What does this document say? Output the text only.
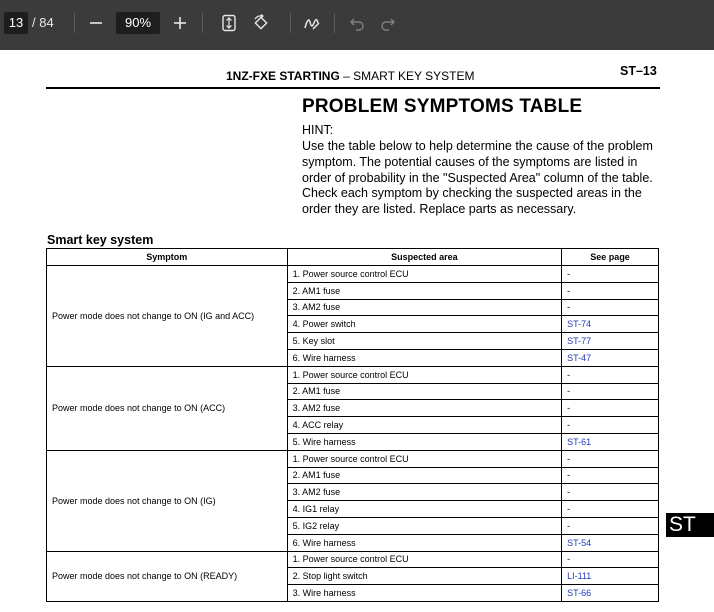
13 / 84	90%
1NZ-FXE STARTING – SMART KEY SYSTEM	ST–13
PROBLEM SYMPTOMS TABLE
HINT:
Use the table below to help determine the cause of the problem symptom. The potential causes of the symptoms are listed in order of probability in the "Suspected Area" column of the table. Check each symptom by checking the suspected areas in the order they are listed. Replace parts as necessary.
Smart key system
Symptom	Suspected area	See page
Power mode does not change to ON (IG and ACC)	1. Power source control ECU	-
	2. AM1 fuse	-
	3. AM2 fuse	-
	4. Power switch	ST-74
	5. Key slot	ST-77
	6. Wire harness	ST-47
Power mode does not change to ON (ACC)	1. Power source control ECU	-
	2. AM1 fuse	-
	3. AM2 fuse	-
	4. ACC relay	-
	5. Wire harness	ST-61
Power mode does not change to ON (IG)	1. Power source control ECU	-
	2. AM1 fuse	-
	3. AM2 fuse	-
	4. IG1 relay	-
	5. IG2 relay	-
	6. Wire harness	ST-54
Power mode does not change to ON (READY)	1. Power source control ECU	-
	2. Stop light switch	LI-111
	3. Wire harness	ST-66
ST
